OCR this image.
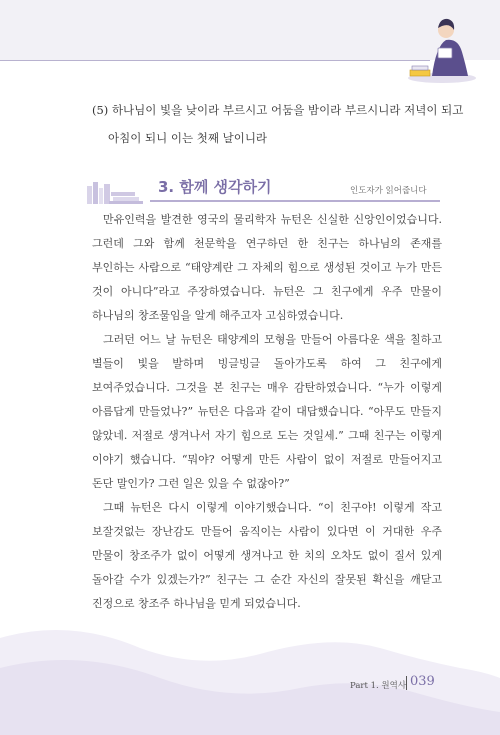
(5) 하나님이 빛을 낮이라 부르시고 어둠을 밤이라 부르시니라 저녁이 되고
아침이 되니 이는 첫째 날이니라
3. 함께 생각하기	인도자가 읽어줍니다

만유인력을 발견한 영국의 물리학자 뉴턴은 신실한 신앙인이었습니다. 그런데 그와 함께 천문학을 연구하던 한 친구는 하나님의 존재를 부인하는 사람으로 “태양계란 그 자체의 힘으로 생성된 것이고 누가 만든 것이 아니다”라고 주장하였습니다. 뉴턴은 그 친구에게 우주 만물이 하나님의 창조물임을 알게 해주고자 고심하였습니다.

그러던 어느 날 뉴턴은 태양계의 모형을 만들어 아름다운 색을 칠하고 별들이 빛을 발하며 빙글빙글 돌아가도록 하여 그 친구에게 보여주었습니다. 그것을 본 친구는 매우 감탄하였습니다. “누가 이렇게 아름답게 만들었나?” 뉴턴은 다음과 같이 대답했습니다. “아무도 만들지 않았네. 저절로 생겨나서 자기 힘으로 도는 것일세.” 그때 친구는 이렇게 이야기 했습니다. “뭐야? 어떻게 만든 사람이 없이 저절로 만들어지고 돈단 말인가? 그런 일은 있을 수 없잖아?”

그때 뉴턴은 다시 이렇게 이야기했습니다. “이 친구야! 이렇게 작고 보잘것없는 장난감도 만들어 움직이는 사람이 있다면 이 거대한 우주 만물이 창조주가 없이 어떻게 생겨나고 한 치의 오차도 없이 질서 있게 돌아갈 수가 있겠는가?” 친구는 그 순간 자신의 잘못된 확신을 깨닫고 진정으로 창조주 하나님을 믿게 되었습니다.

Part 1. 원역사 039
